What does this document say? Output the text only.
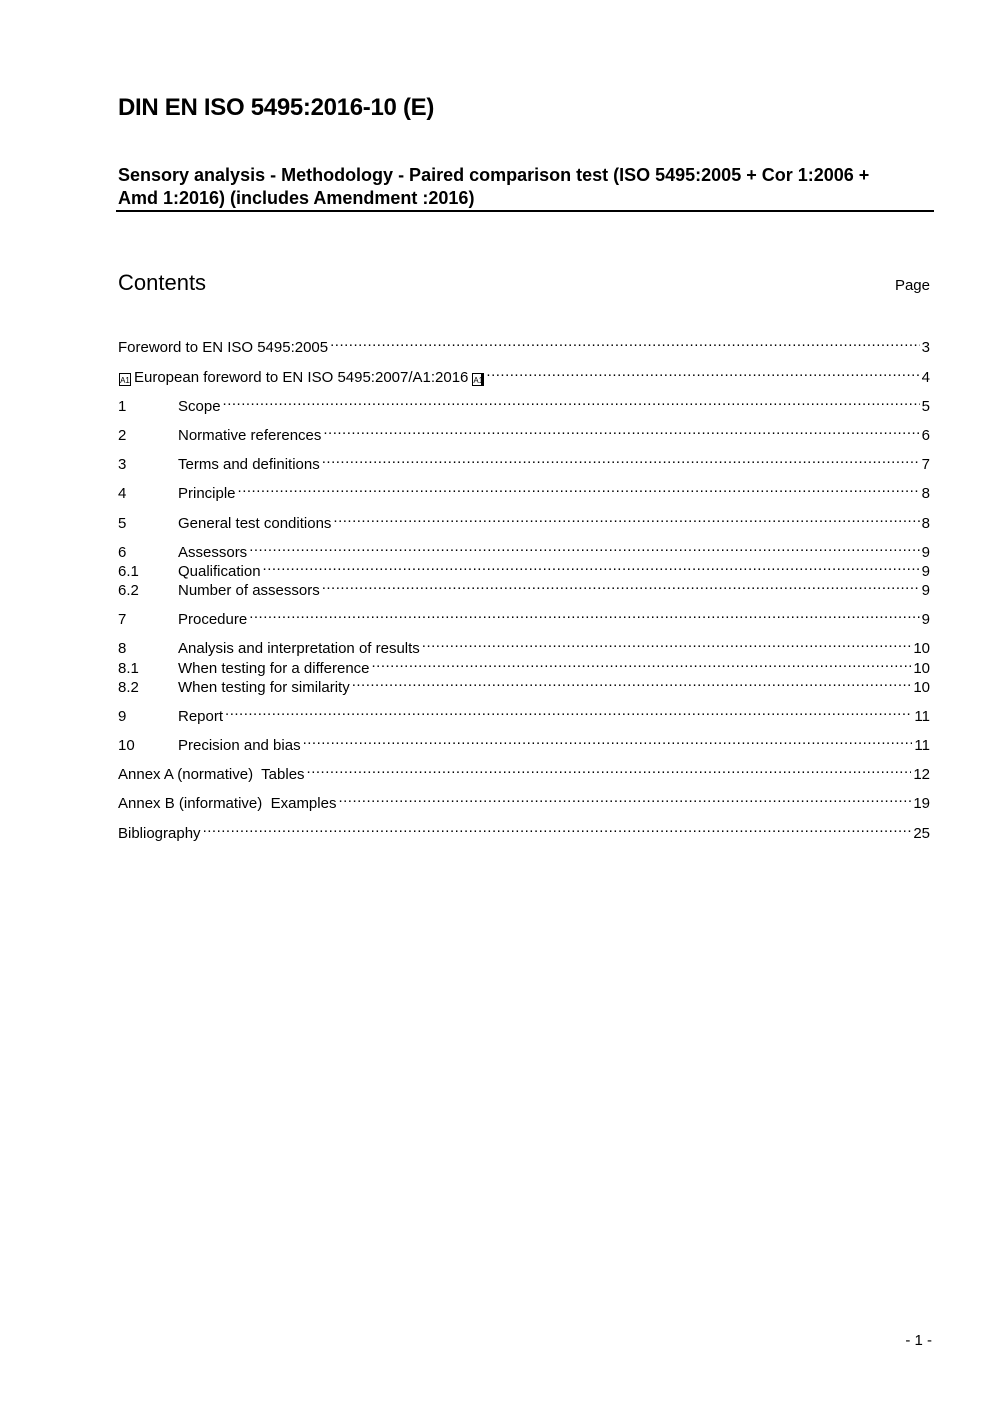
DIN EN ISO 5495:2016-10 (E)
Sensory analysis - Methodology - Paired comparison test (ISO 5495:2005 + Cor 1:2006 + Amd 1:2016) (includes Amendment :2016)
Contents	Page
Foreword to EN ISO 5495:2005 .....	3
A1 European foreword to EN ISO 5495:2007/A1:2016 A1 .....	4
1	Scope .....	5
2	Normative references .....	6
3	Terms and definitions .....	7
4	Principle .....	8
5	General test conditions .....	8
6	Assessors .....	9
6.1	Qualification .....	9
6.2	Number of assessors .....	9
7	Procedure .....	9
8	Analysis and interpretation of results .....	10
8.1	When testing for a difference .....	10
8.2	When testing for similarity .....	10
9	Report .....	11
10	Precision and bias .....	11
Annex A (normative) Tables .....	12
Annex B (informative) Examples .....	19
Bibliography .....	25
- 1 -
